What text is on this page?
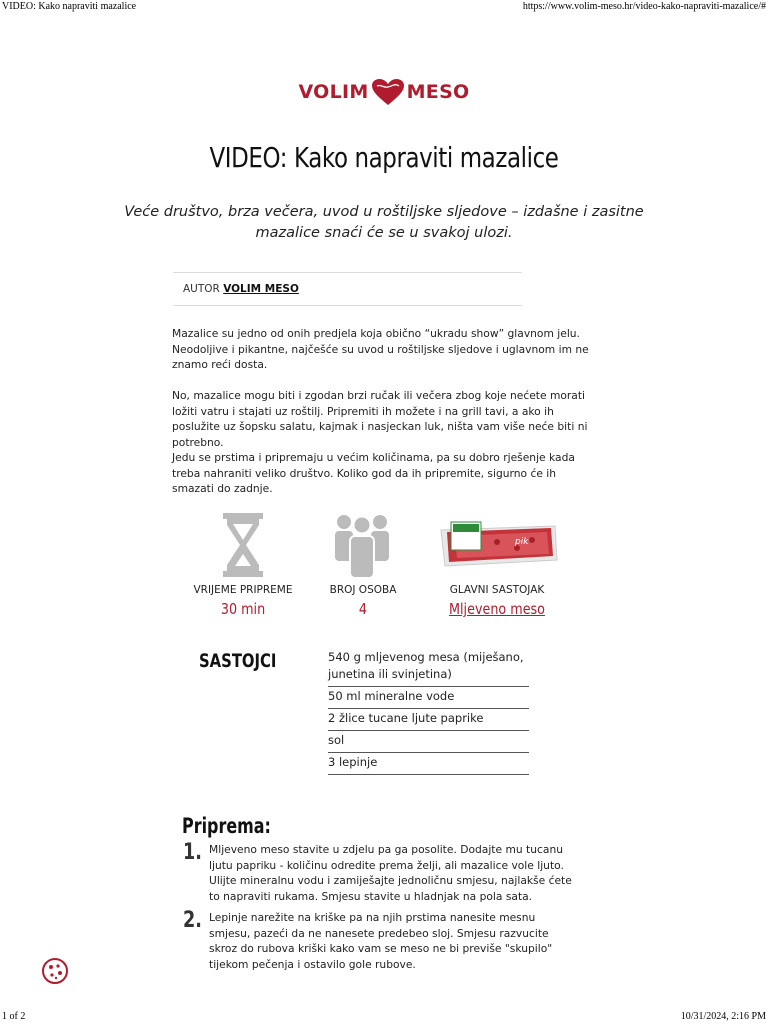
VIDEO: Kako napraviti mazalice	https://www.volim-meso.hr/video-kako-napraviti-mazalice/#
VOLIM MESO
VIDEO: Kako napraviti mazalice
Veće društvo, brza večera, uvod u roštiljske sljedove – izdašne i zasitne mazalice snaći će se u svakoj ulozi.
AUTOR VOLIM MESO
Mazalice su jedno od onih predjela koja obično “ukradu show” glavnom jelu. Neodoljive i pikantne, najčešće su uvod u roštiljske sljedove i uglavnom im ne znamo reći dosta.
No, mazalice mogu biti i zgodan brzi ručak ili večera zbog koje nećete morati ložiti vatru i stajati uz roštilj. Pripremiti ih možete i na grill tavi, a ako ih poslužite uz šopsku salatu, kajmak i nasjeckan luk, ništa vam više neće biti ni potrebno.
Jedu se prstima i pripremaju u većim količinama, pa su dobro rješenje kada treba nahraniti veliko društvo. Koliko god da ih pripremite, sigurno će ih smazati do zadnje.
VRIJEME PRIPREME
30 min
BROJ OSOBA
4
pik
GLAVNI SASTOJAK
Mljeveno meso
SASTOJCI	540 g mljevenog mesa (miješano, junetina ili svinjetina)
50 ml mineralne vode
2 žlice tucane ljute paprike
sol
3 lepinje
Priprema:
1. Mljeveno meso stavite u zdjelu pa ga posolite. Dodajte mu tucanu ljutu papriku - količinu odredite prema želji, ali mazalice vole ljuto. Ulijte mineralnu vodu i zamiješajte jednoličnu smjesu, najlakše ćete to napraviti rukama. Smjesu stavite u hladnjak na pola sata.
2. Lepinje narežite na kriške pa na njih prstima nanesite mesnu smjesu, pazeći da ne nanesete predebeo sloj. Smjesu razvucite skroz do rubova kriški kako vam se meso ne bi previše "skupilo" tijekom pečenja i ostavilo gole rubove.
1 of 2	10/31/2024, 2:16 PM
